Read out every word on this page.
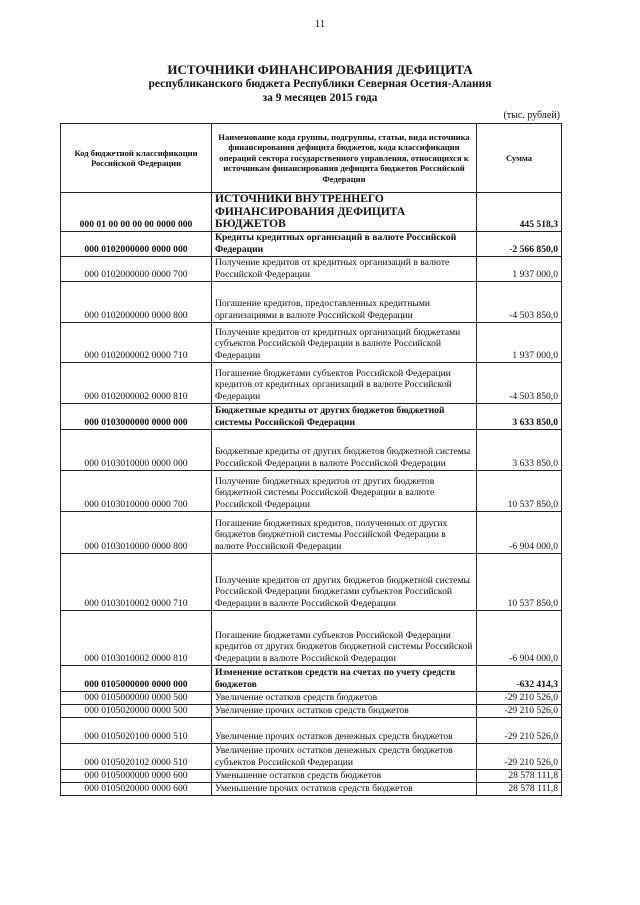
11
ИСТОЧНИКИ ФИНАНСИРОВАНИЯ ДЕФИЦИТА
республиканского бюджета Республики Северная Осетия-Алания
за 9 месяцев 2015 года
(тыс. рублей)
Код бюджетной классификации Российской Федерации	Наименование кода группы, подгруппы, статьи, вида источника финансирования дефицита бюджетов, кода классификации операций сектора государственного управления, относящихся к источникам финансирования дефицита бюджетов Российской Федерации	Сумма
000 01 00 00 00 00 0000 000	ИСТОЧНИКИ ВНУТРЕННЕГО ФИНАНСИРОВАНИЯ ДЕФИЦИТА БЮДЖЕТОВ	445 518,3
000 0102000000 0000 000	Кредиты кредитных организаций в валюте Российской Федерации	-2 566 850,0
000 0102000000 0000 700	Получение кредитов от кредитных организаций в валюте Российской Федерации	1 937 000,0
000 0102000000 0000 800	Погашение кредитов, предоставленных кредитными организациями в валюте Российской Федерации	-4 503 850,0
000 0102000002 0000 710	Получение кредитов от кредитных организаций бюджетами субъектов Российской Федерации в валюте Российской Федерации	1 937 000,0
000 0102000002 0000 810	Погашение бюджетами субъектов Российской Федерации кредитов от кредитных организаций в валюте Российской Федерации	-4 503 850,0
000 0103000000 0000 000	Бюджетные кредиты от других бюджетов бюджетной системы Российской Федерации	3 633 850,0
000 0103010000 0000 000	Бюджетные кредиты от других бюджетов бюджетной системы Российской Федерации в валюте Российской Федерации	3 633 850,0
000 0103010000 0000 700	Получение бюджетных кредитов от других бюджетов бюджетной системы Российской Федерации в валюте Российской Федерации	10 537 850,0
000 0103010000 0000 800	Погашение бюджетных кредитов, полученных от других бюджетов бюджетной системы Российской Федерации в валюте Российской Федерации	-6 904 000,0
000 0103010002 0000 710	Получение кредитов от других бюджетов бюджетной системы Российской Федерации бюджетами субъектов Российской Федерации в валюте Российской Федерации	10 537 850,0
000 0103010002 0000 810	Погашение бюджетами субъектов Российской Федерации кредитов от других бюджетов бюджетной системы Российской Федерации в валюте Российской Федерации	-6 904 000,0
000 0105000000 0000 000	Изменение остатков средств на счетах по учету средств бюджетов	-632 414,3
000 0105000000 0000 500	Увеличение остатков средств бюджетов	-29 210 526,0
000 0105020000 0000 500	Увеличение прочих остатков средств бюджетов	-29 210 526,0
000 0105020100 0000 510	Увеличение прочих остатков денежных средств бюджетов	-29 210 526,0
000 0105020102 0000 510	Увеличение прочих остатков денежных средств бюджетов субъектов Российской Федерации	-29 210 526,0
000 0105000000 0000 600	Уменьшение остатков средств бюджетов	28 578 111,8
000 0105020000 0000 600	Уменьшение прочих остатков средств бюджетов	28 578 111,8
